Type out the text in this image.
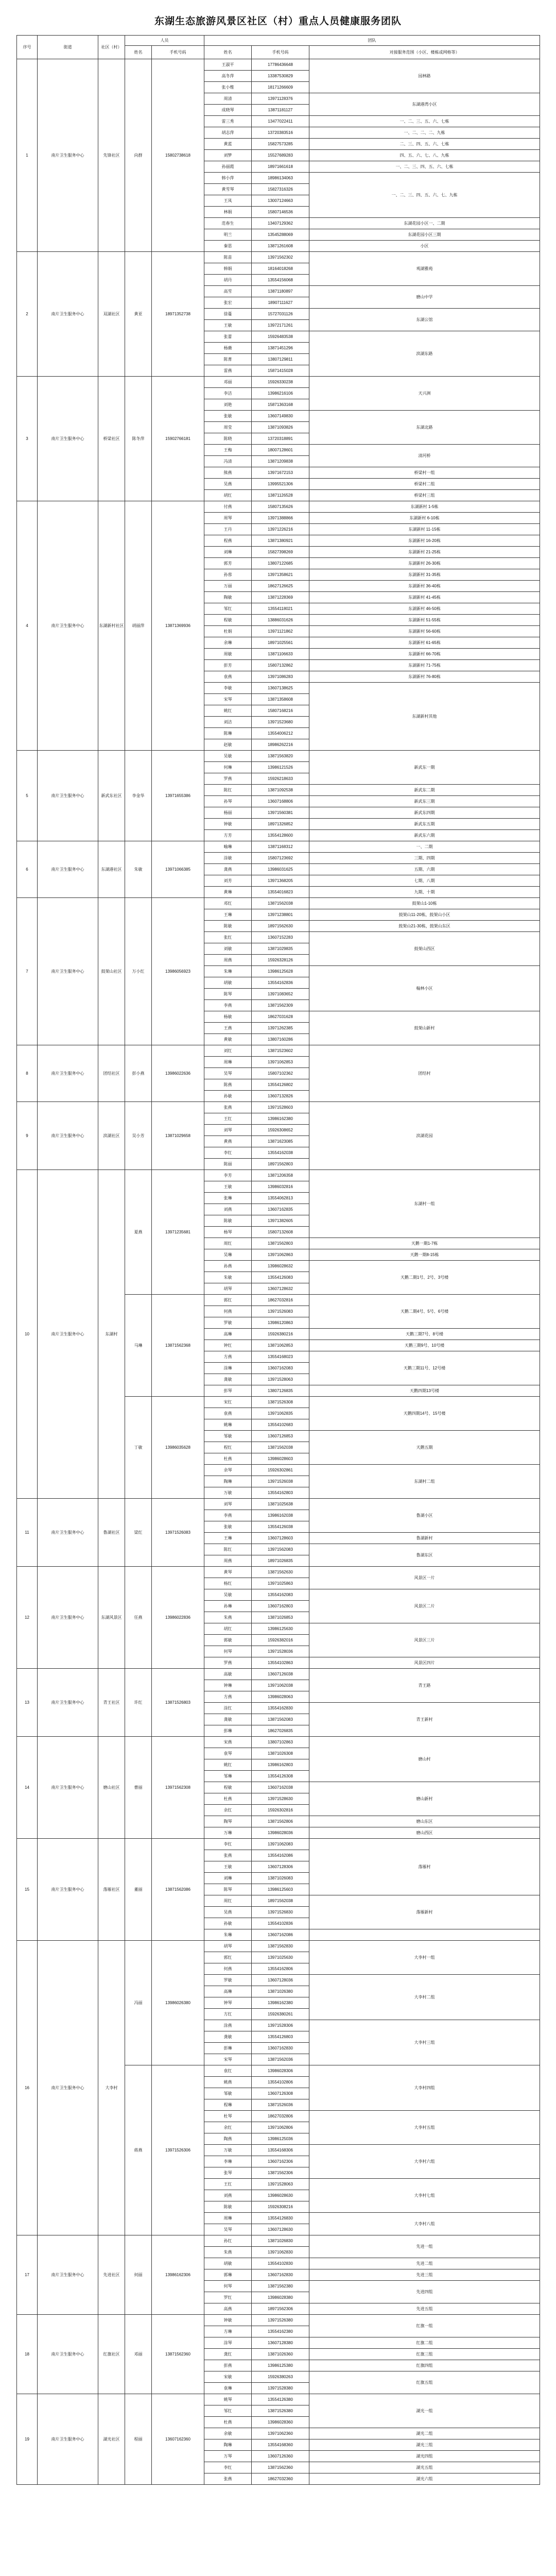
东湖生态旅游风景区社区（村）重点人员健康服务团队
序号	街道	社区（村）	人员		团队		
			姓名	手机号码	姓名	手机号码	对接服务范围（小区、楼栋或网格等）
1	南片卫生服务中心	先锋社区	向群	15802738618	王淑平	17786436648	园林路
					高冬萍	13387530829	
					张小维	18171266609	
					周清	13971128376	东湖港湾小区
					成晓琴	13871181127	
					雷三秀	13477022411	一、二、三、五、六、七栋
					胡志萍	13720383516	一、二、二、二、九栋
					黄蓝	15827573285	二、三、四、五、六、七栋
					刘梦	15527689283	四、五、六、七、八、九栋
					孙丽霞	18971661618	一、二、三、四、五、六、七栋
					韩小萍	18986134063	一、二、三、四、五、六、七、九栋
					黄雪琴	15827316326	
					王凤	13007124663	
					林娟	15807146536	
					范春生	13407129362	东湖花园小区一、二期
					明兰	13545288069	东湖花园小区三期
					秦思	13871261608	小区
2	南片卫生服务中心	双湖社区	黄亚	18971352738	陈苗	13971562302	观湖雅苑
					韩娟	18164018268	
					胡丹	13554156068	
					高雪	13871180897	磨山中学
					张宏	18907111627	
					徐蔓	15727031126	东湖公馆
					王敏	13972171261	
					张蕾	15926483538	滨湖东路
					杨薇	13871451296	
					陈菁	13807129811	
					雷燕	15871415028	
3	南片卫生服务中心	桥梁社区	陈冬萍	15902766181	邓丽	15926330238	天兴洲
					李洁	13986216106	
					刘艳	15871363168	
					张敏	13607149830	东湖北路
					周莹	13871093826	
					陈晓	13720318891	
					王梅	18007128601	清河桥
					冯清	13871209838	
					熊燕	13971672153	桥梁村一组
					吴燕	13995521306	桥梁村二组
					胡红	13871126528	桥梁村三组
4	南片卫生服务中心	东湖新村社区	胡丽萍	13871369936	付燕	15807135626	东湖新村 1-5栋
					周琴	13971388866	东湖新村 6-10栋
					王丹	13971226216	东湖新村 11-15栋
					程燕	13871380921	东湖新村 16-20栋
					刘琳	15827398269	东湖新村 21-25栋
					郭芳	13807122685	东湖新村 26-30栋
					孙蓉	13971358621	东湖新村 31-35栋
					万丽	18627126625	东湖新村 36-40栋
					陶敏	13871228369	东湖新村 41-45栋
					邹红	13554118021	东湖新村 46-50栋
					程敏	13886031626	东湖新村 51-55栋
					杜娟	13971121862	东湖新村 56-60栋
					余琳	18971025561	东湖新村 61-65栋
					周敏	13871106633	东湖新村 66-70栋
					彭芳	15807132862	东湖新村 71-75栋
					袁燕	13971086283	东湖新村 76-80栋
					李敏	13607138625	东湖新村其他
					宋琴	13871358608	
					姚红	15807168216	
					刘洁	13971523680	
					陈琳	13554006212	
					赵敏	18986262216	
5	南片卫生服务中心	新武东社区	李金华	13971655386	吴敏	13871563820	新武东一期
					何琳	13986121526	
					罗燕	15926218633	
					陈红	13871092538	新武东二期
					孙琴	13607168806	新武东三期
					杨丽	13971560381	新武东四期
					钟敏	18971326852	新武东五期
					方芳	13554128600	新武东六期
6	南片卫生服务中心	东湖港社区	朱敏	13971066385	喻琳	13871168312	一、二期
					涂敏	15807123692	三期、四期
					龚燕	13986031625	五期、六期
					刘芳	13971368205	七期、八期
					黄琳	13554016823	九期、十期
7	南片卫生服务中心	鼓架山社区	万小红	13986056923	邓红	13871562038	鼓架山1-10栋
					王琳	13971238801	鼓架山11-20栋，鼓架山小区
					陈敏	18971562630	鼓架山21-30栋，鼓架山东区
					张红	13607152283	鼓架山西区
					刘敏	13871029835	
					周燕	15926328126	
					朱琳	13986125628	翰林小区
					胡敏	13554162836	
					陈琴	13971083652	
					李燕	13871562309	
					杨敏	18627031628	鼓架山新村
					王燕	13971262385	
					黄敏	13807160286	
8	南片卫生服务中心	团结社区	彭小燕	13986022636	刘红	13871523602	团结村
					周琳	13971062853	
					吴琴	15807102362	
					陈燕	13554126802	
					孙敏	13607132826	
9	南片卫生服务中心	滨湖社区	吴小芳	13871029658	张燕	13971528603	滨湖花园
					王红	13986162380	
					刘琴	15926308652	
					黄燕	13871623085	
					李红	13554162038	
					陈丽	18971562803	
10	南片卫生服务中心	东湖村	夏燕	13971235681	李芳	13871206358	东湖村一组
					王敏	13986032816	
					张琳	13554062813	
					刘燕	13607162835	
					陈敏	13971382605	
					杨琴	15807132608	
					周红	13871562803	天鹅一期1-7栋
					吴琳	13971062863	天鹅一期8-15栋
					孙燕	13986028632	天鹅二期1号、2号、3号楼
					朱敏	13554126083	
					胡琴	13607128632	
			马琳	13871562368	郭红	18627032816	天鹅二期4号、5号、6号楼
					何燕	13971526083	
					罗敏	13986120863	
					高琳	15926380216	天鹅三期7号、8号楼
					钟红	13871062853	天鹅三期9号、10号楼
					方燕	13554168023	天鹅三期11号、12号楼
					涂琳	13607162083	
					龚敏	13971528063	
					彭琴	13807126835	天鹅四期13号楼
			丁敏	13986035628	宋红	13871526308	天鹅四期14号、15号楼
					袁燕	13971062835	
					姚琳	13554102683	
					邹敏	13607126853	天鹅五期
					程红	13871562038	
					杜燕	13986028603	
					余琴	15926302861	东湖村二组
					陶琳	13971526038	
					万敏	13554162803	
11	南片卫生服务中心	鲁湖社区	梁红	13971526083	刘琴	13871025638	鲁湖小区
					李燕	13986162038	
					张敏	13554126038	
					王琳	13607128603	鲁湖新村
					陈红	13971562083	鲁湖东区
					周燕	18971026835	
12	南片卫生服务中心	东湖风景区	任燕	13986022836	黄琴	13871562630	风景区一片
					杨红	13971025863	
					吴敏	13554162083	风景区二片
					孙琳	13607162803	
					朱燕	13871026853	
					胡红	13986125630	风景区三片
					郭敏	15926382016	
					何琴	13971528036	
					罗燕	13554102863	风景区四片
13	南片卫生服务中心	青王社区	许红	13871526803	高敏	13607126038	青王路
					钟琳	13971062038	
					方燕	13986028063	
					涂红	13554162830	青王新村
					龚敏	13871562083	
					彭琳	18627026835	
14	南片卫生服务中心	磨山社区	曹丽	13971562308	宋燕	13807102863	磨山村
					袁琴	13871026308	
					姚红	13986162803	
					邹琳	13554126308	
					程敏	13607162038	磨山新村
					杜燕	13971528630	
					余红	15926302816	
					陶琴	13871562806	磨山东区
					万琳	13986028036	磨山西区
15	南片卫生服务中心	落雁社区	董丽	13871562086	李红	13971062083	落雁村
					张燕	13554162086	
					王敏	13607128306	
					刘琳	13871026083	
					陈琴	13986125603	
					周红	18971562038	落雁新村
					吴燕	13971526830	
					孙敏	13554102836	
					朱琳	13607162086	
16	南片卫生服务中心	大李村	冯丽	13986026380	胡琴	13871562830	大李村一组
					郭红	13971025630	
					何燕	13554162806	
					罗敏	13607128036	大李村二组
					高琳	13871026380	
					钟琴	13986162380	
					方红	15926380261	
					涂燕	13971528306	大李村三组
					龚敏	13554126803	
					彭琳	13607162830	
					宋琴	13871562036	
			蒋燕	13971526306	袁红	13986028306	大李村四组
					姚燕	13554102806	
					邹敏	13607126308	
					程琳	13871526036	
					杜琴	18627032806	大李村五组
					余红	13971062806	
					陶燕	13986125036	
					万敏	13554168306	大李村六组
					李琳	13607162306	
					张琴	13871562306	
					王红	13971528063	大李村七组
					刘燕	13986028630	
					陈敏	15926308216	
					周琳	13554126830	大李村八组
					吴琴	13607128630	
17	南片卫生服务中心	先进社区	何丽	13986162306	孙红	13871026830	先进一组
					朱燕	13971062830	
					胡敏	13554102830	先进二组
					郭琳	13607162830	先进三组
					何琴	13871562380	先进四组
					罗红	13986028380	
					高燕	18971562306	先进五组
18	南片卫生服务中心	红旗社区	邓丽	13871562360	钟敏	13971526380	红旗一组
					方琳	13554162380	
					涂琴	13607128380	红旗二组
					龚红	13871026360	红旗三组
					彭燕	13986125380	红旗四组
					宋敏	15926380263	红旗五组
					袁琳	13971528380	
19	南片卫生服务中心	湖光社区	程丽	13607162360	姚琴	13554126380	湖光一组
					邹红	13871526380	
					杜燕	13986028360	
					余敏	13971062360	湖光二组
					陶琳	13554168360	湖光三组
					万琴	13607126360	湖光四组
					李红	13871562360	湖光五组
					张燕	18627032360	湖光六组
